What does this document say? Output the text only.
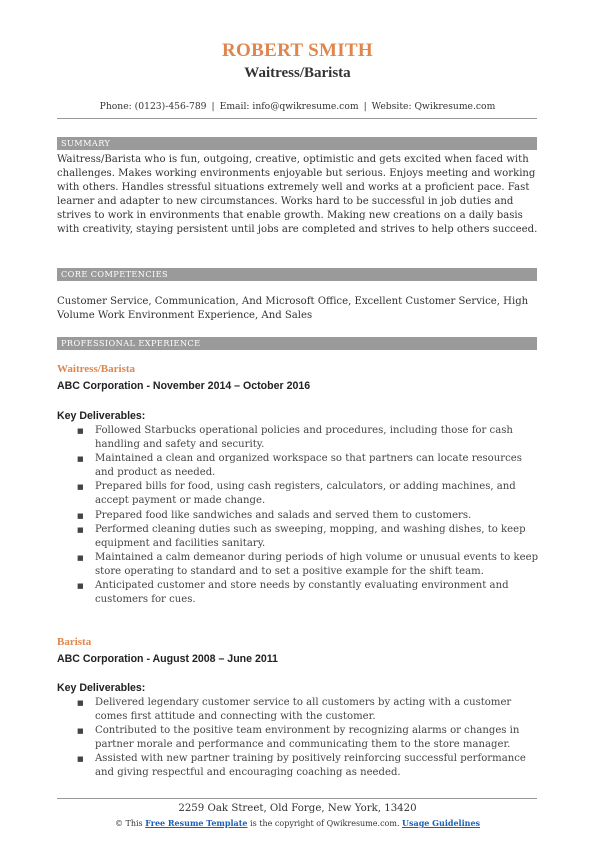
ROBERT SMITH
Waitress/Barista
Phone: (0123)-456-789 | Email: info@qwikresume.com | Website: Qwikresume.com
SUMMARY

Waitress/Barista who is fun, outgoing, creative, optimistic and gets excited when faced with challenges. Makes working environments enjoyable but serious. Enjoys meeting and working with others. Handles stressful situations extremely well and works at a proficient pace. Fast learner and adapter to new circumstances. Works hard to be successful in job duties and strives to work in environments that enable growth. Making new creations on a daily basis with creativity, staying persistent until jobs are completed and strives to help others succeed.

CORE COMPETENCIES

Customer Service, Communication, And Microsoft Office, Excellent Customer Service, High Volume Work Environment Experience, And Sales

PROFESSIONAL EXPERIENCE
Waitress/Barista
ABC Corporation - November 2014 – October 2016
Key Deliverables:
■ Followed Starbucks operational policies and procedures, including those for cash handling and safety and security.
■ Maintained a clean and organized workspace so that partners can locate resources and product as needed.
■ Prepared bills for food, using cash registers, calculators, or adding machines, and accept payment or made change.
■ Prepared food like sandwiches and salads and served them to customers.
■ Performed cleaning duties such as sweeping, mopping, and washing dishes, to keep equipment and facilities sanitary.
■ Maintained a calm demeanor during periods of high volume or unusual events to keep store operating to standard and to set a positive example for the shift team.
■ Anticipated customer and store needs by constantly evaluating environment and customers for cues.
Barista
ABC Corporation - August 2008 – June 2011
Key Deliverables:
■ Delivered legendary customer service to all customers by acting with a customer comes first attitude and connecting with the customer.
■ Contributed to the positive team environment by recognizing alarms or changes in partner morale and performance and communicating them to the store manager.
■ Assisted with new partner training by positively reinforcing successful performance and giving respectful and encouraging coaching as needed.
2259 Oak Street, Old Forge, New York, 13420
© This Free Resume Template is the copyright of Qwikresume.com. Usage Guidelines
